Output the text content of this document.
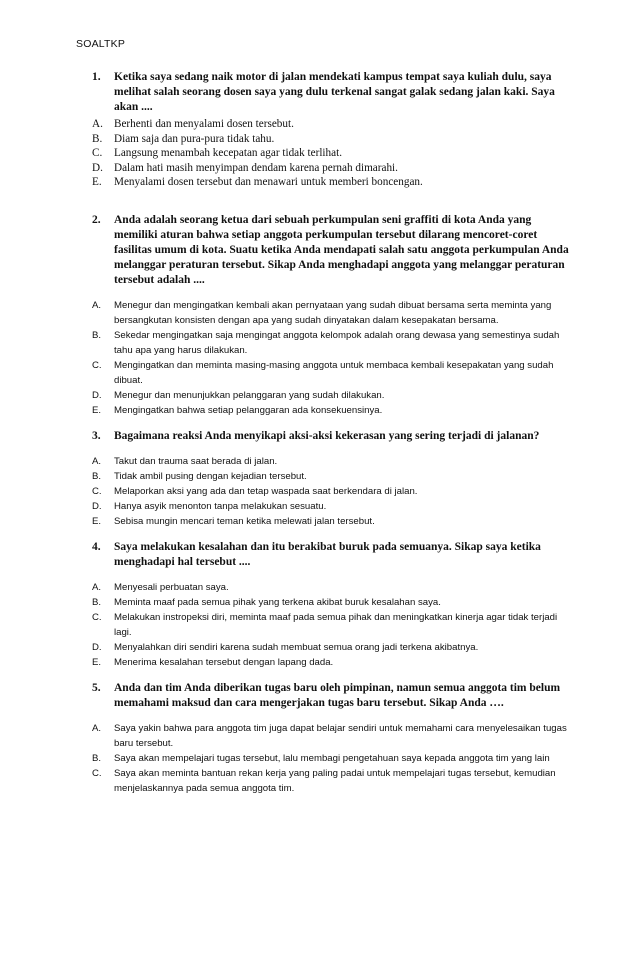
SOALTKP
1.	Ketika saya sedang naik motor di jalan mendekati kampus tempat saya kuliah dulu, saya melihat salah seorang dosen saya yang dulu terkenal sangat galak sedang jalan kaki. Saya akan ....
A. Berhenti dan menyalami dosen tersebut.
B.	Diam saja dan pura-pura tidak tahu.
C.	Langsung menambah kecepatan agar tidak terlihat.
D. Dalam hati masih menyimpan dendam karena pernah dimarahi.
E.	Menyalami dosen tersebut dan menawari untuk memberi boncengan.
2.	Anda adalah seorang ketua dari sebuah perkumpulan seni graffiti di kota Anda yang memiliki aturan bahwa setiap anggota perkumpulan tersebut dilarang mencoret-coret fasilitas umum di kota. Suatu ketika Anda mendapati salah satu anggota perkumpulan Anda melanggar peraturan tersebut. Sikap Anda menghadapi anggota yang melanggar peraturan tersebut adalah ....
A.	Menegur dan mengingatkan kembali akan pernyataan yang sudah dibuat bersama serta meminta yang bersangkutan konsisten dengan apa yang sudah dinyatakan dalam kesepakatan bersama.
B.	Sekedar mengingatkan saja mengingat anggota kelompok adalah orang dewasa yang semestinya sudah tahu apa yang harus dilakukan.
C.	Mengingatkan dan meminta masing-masing anggota untuk membaca kembali kesepakatan yang sudah dibuat.
D.	Menegur dan menunjukkan pelanggaran yang sudah dilakukan.
E.	Mengingatkan bahwa setiap pelanggaran ada konsekuensinya.
3.	Bagaimana reaksi Anda menyikapi aksi-aksi kekerasan yang sering terjadi di jalanan?
A.	Takut dan trauma saat berada di jalan.
B.	Tidak ambil pusing dengan kejadian tersebut.
C.	Melaporkan aksi yang ada dan tetap waspada saat berkendara di jalan.
D.	Hanya asyik menonton tanpa melakukan sesuatu.
E.	Sebisa mungin mencari teman ketika melewati jalan tersebut.
4.	Saya melakukan kesalahan dan itu berakibat buruk pada semuanya. Sikap saya ketika menghadapi hal tersebut ....
A.	Menyesali perbuatan saya.
B.	Meminta maaf pada semua pihak yang terkena akibat buruk kesalahan saya.
C.	Melakukan instropeksi diri, meminta maaf pada semua pihak dan meningkatkan kinerja agar tidak terjadi lagi.
D.	Menyalahkan diri sendiri karena sudah membuat semua orang jadi terkena akibatnya.
E.	Menerima kesalahan tersebut dengan lapang dada.
5.	Anda dan tim Anda diberikan tugas baru oleh pimpinan, namun semua anggota tim belum memahami maksud dan cara mengerjakan tugas baru tersebut. Sikap Anda ….
A.	Saya yakin bahwa para anggota tim juga dapat belajar sendiri untuk memahami cara menyelesaikan tugas baru tersebut.
B.	Saya akan mempelajari tugas tersebut, lalu membagi pengetahuan saya kepada anggota tim yang lain
C.	Saya akan meminta bantuan rekan kerja yang paling padai untuk mempelajari tugas tersebut, kemudian menjelaskannya pada semua anggota tim.
